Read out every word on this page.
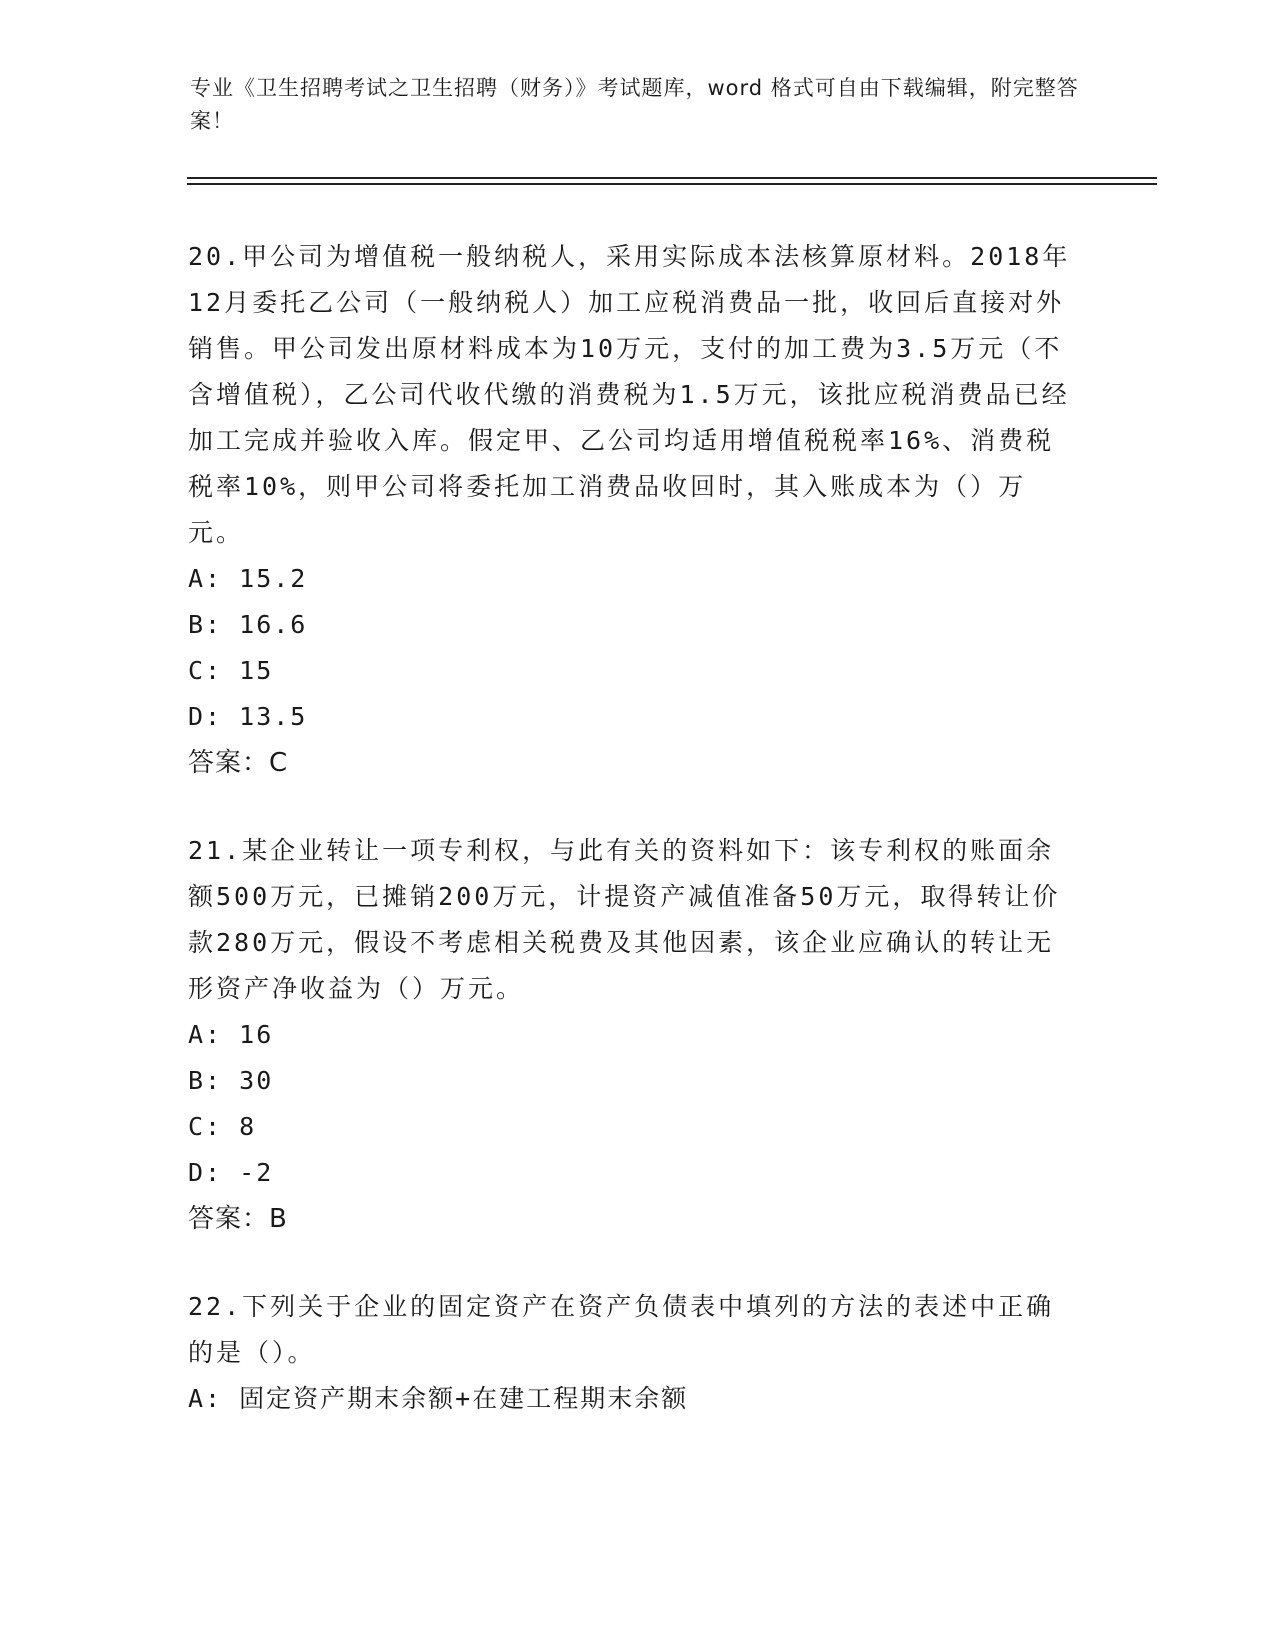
专业《卫生招聘考试之卫生招聘（财务）》考试题库，word 格式可自由下载编辑，附完整答案！

20.甲公司为增值税一般纳税人，采用实际成本法核算原材料。2018年12月委托乙公司（一般纳税人）加工应税消费品一批，收回后直接对外销售。甲公司发出原材料成本为10万元，支付的加工费为3.5万元（不含增值税），乙公司代收代缴的消费税为1.5万元，该批应税消费品已经加工完成并验收入库。假定甲、乙公司均适用增值税税率16%、消费税税率10%，则甲公司将委托加工消费品收回时，其入账成本为（）万元。

A: 15.2

B: 16.6

C: 15

D: 13.5

答案：C

21.某企业转让一项专利权，与此有关的资料如下：该专利权的账面余额500万元，已摊销200万元，计提资产减值准备50万元，取得转让价款280万元，假设不考虑相关税费及其他因素，该企业应确认的转让无形资产净收益为（）万元。

A: 16

B: 30

C: 8

D: -2

答案：B

22.下列关于企业的固定资产在资产负债表中填列的方法的表述中正确的是（）。

A: 固定资产期末余额+在建工程期末余额
